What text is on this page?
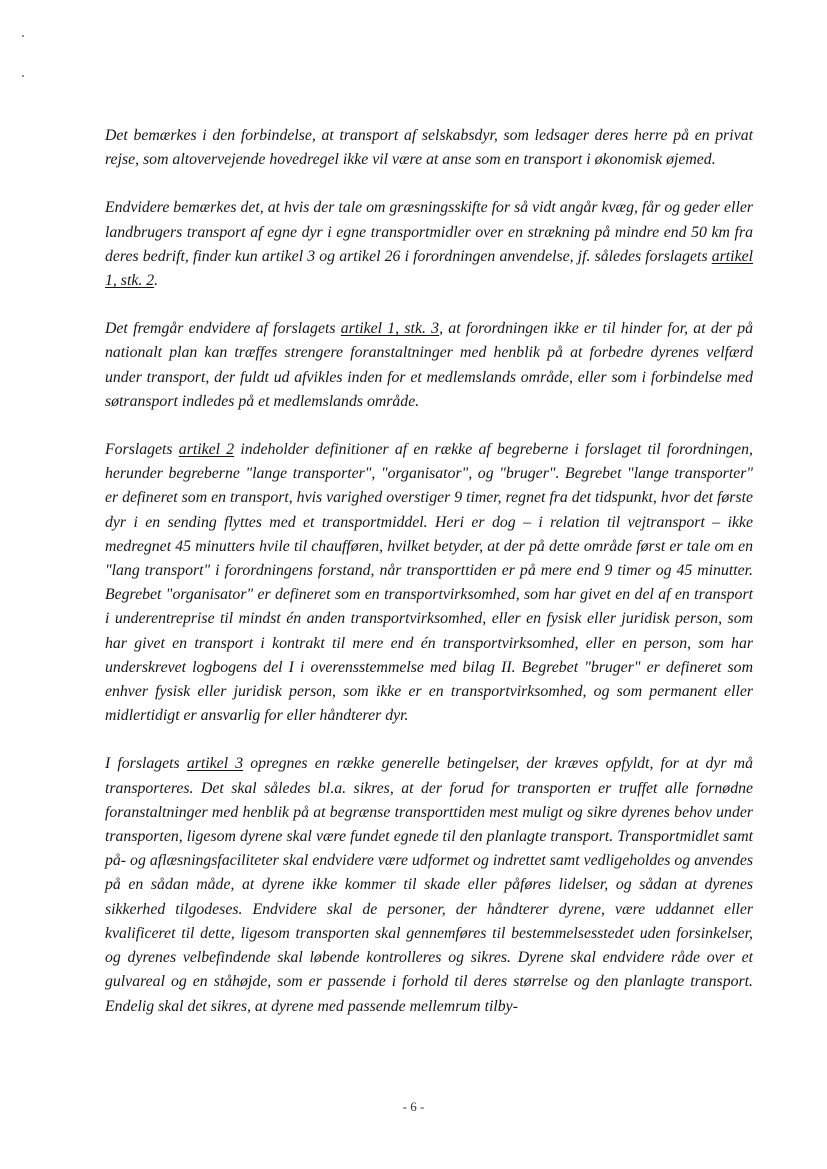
Det bemærkes i den forbindelse, at transport af selskabsdyr, som ledsager deres herre på en privat rejse, som altovervejende hovedregel ikke vil være at anse som en transport i økonomisk øjemed.

Endvidere bemærkes det, at hvis der tale om græsningsskifte for så vidt angår kvæg, får og geder eller landbrugers transport af egne dyr i egne transportmidler over en strækning på mindre end 50 km fra deres bedrift, finder kun artikel 3 og artikel 26 i forordningen anvendelse, jf. således forslagets artikel 1, stk. 2.

Det fremgår endvidere af forslagets artikel 1, stk. 3, at forordningen ikke er til hinder for, at der på nationalt plan kan træffes strengere foranstaltninger med henblik på at forbedre dyrenes velfærd under transport, der fuldt ud afvikles inden for et medlemslands område, eller som i forbindelse med søtransport indledes på et medlemslands område.

Forslagets artikel 2 indeholder definitioner af en række af begreberne i forslaget til forordningen, herunder begreberne "lange transporter", "organisator", og "bruger". Begrebet "lange transporter" er defineret som en transport, hvis varighed overstiger 9 timer, regnet fra det tidspunkt, hvor det første dyr i en sending flyttes med et transportmiddel. Heri er dog – i relation til vejtransport – ikke medregnet 45 minutters hvile til chaufføren, hvilket betyder, at der på dette område først er tale om en "lang transport" i forordningens forstand, når transporttiden er på mere end 9 timer og 45 minutter. Begrebet "organisator" er defineret som en transportvirksomhed, som har givet en del af en transport i underentreprise til mindst én anden transportvirksomhed, eller en fysisk eller juridisk person, som har givet en transport i kontrakt til mere end én transportvirksomhed, eller en person, som har underskrevet logbogens del I i overensstemmelse med bilag II. Begrebet "bruger" er defineret som enhver fysisk eller juridisk person, som ikke er en transportvirksomhed, og som permanent eller midlertidigt er ansvarlig for eller håndterer dyr.

I forslagets artikel 3 opregnes en række generelle betingelser, der kræves opfyldt, for at dyr må transporteres. Det skal således bl.a. sikres, at der forud for transporten er truffet alle fornødne foranstaltninger med henblik på at begrænse transporttiden mest muligt og sikre dyrenes behov under transporten, ligesom dyrene skal være fundet egnede til den planlagte transport. Transportmidlet samt på- og aflæsningsfaciliteter skal endvidere være udformet og indrettet samt vedligeholdes og anvendes på en sådan måde, at dyrene ikke kommer til skade eller påføres lidelser, og sådan at dyrenes sikkerhed tilgodeses. Endvidere skal de personer, der håndterer dyrene, være uddannet eller kvalificeret til dette, ligesom transporten skal gennemføres til bestemmelsesstedet uden forsinkelser, og dyrenes velbefindende skal løbende kontrolleres og sikres. Dyrene skal endvidere råde over et gulvareal og en ståhøjde, som er passende i forhold til deres størrelse og den planlagte transport. Endelig skal det sikres, at dyrene med passende mellemrum tilby-

- 6 -
